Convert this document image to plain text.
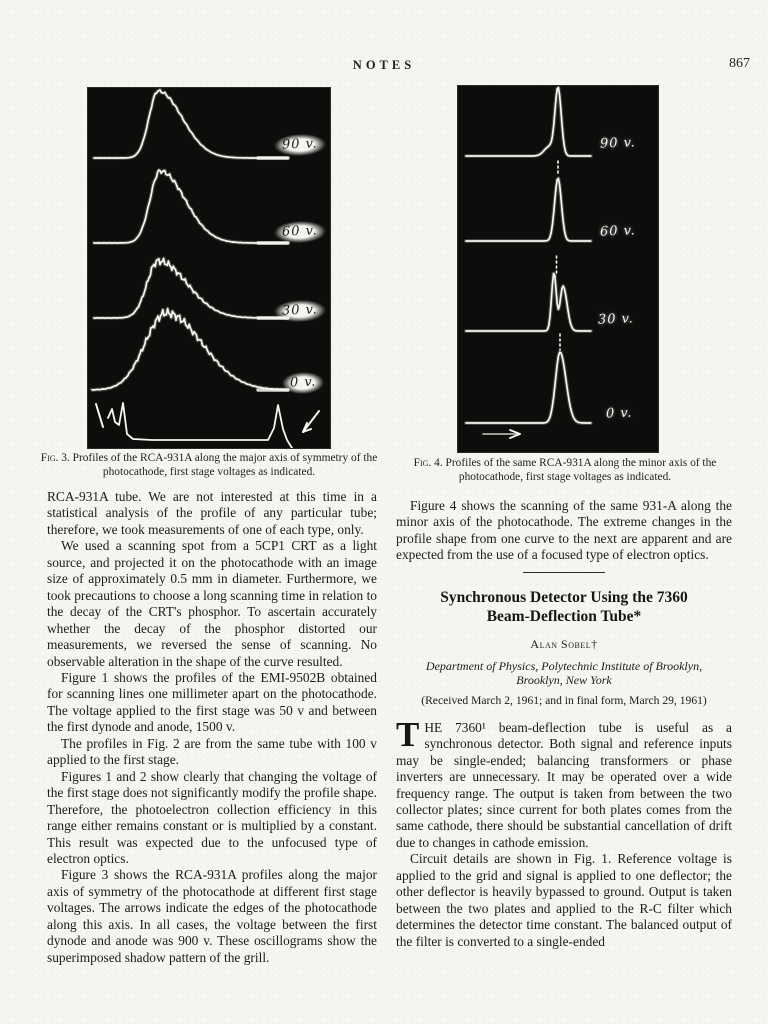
NOTES	867
90 v.
60 v.
30 v.
0 v.
Fig. 3. Profiles of the RCA-931A along the major axis of symmetry of the photocathode, first stage voltages as indicated.
90 v.
60 v.
30 v.
0 v.
Fig. 4. Profiles of the same RCA-931A along the minor axis of the photocathode, first stage voltages as indicated.

RCA-931A tube. We are not interested at this time in a statistical analysis of the profile of any particular tube; therefore, we took measurements of one of each type, only.

We used a scanning spot from a 5CP1 CRT as a light source, and projected it on the photocathode with an image size of approximately 0.5 mm in diameter. Furthermore, we took precautions to choose a long scanning time in relation to the decay of the CRT's phosphor. To ascertain accurately whether the decay of the phosphor distorted our measurements, we reversed the sense of scanning. No observable alteration in the shape of the curve resulted.

Figure 1 shows the profiles of the EMI-9502B obtained for scanning lines one millimeter apart on the photocathode. The voltage applied to the first stage was 50 v and between the first dynode and anode, 1500 v.

The profiles in Fig. 2 are from the same tube with 100 v applied to the first stage.

Figures 1 and 2 show clearly that changing the voltage of the first stage does not significantly modify the profile shape. Therefore, the photoelectron collection efficiency in this range either remains constant or is multiplied by a constant. This result was expected due to the unfocused type of electron optics.

Figure 3 shows the RCA-931A profiles along the major axis of symmetry of the photocathode at different first stage voltages. The arrows indicate the edges of the photocathode along this axis. In all cases, the voltage between the first dynode and anode was 900 v. These oscillograms show the superimposed shadow pattern of the grill.

Figure 4 shows the scanning of the same 931-A along the minor axis of the photocathode. The extreme changes in the profile shape from one curve to the next are apparent and are expected from the use of a focused type of electron optics.

Synchronous Detector Using the 7360
Beam-Deflection Tube*
Alan Sobel†
Department of Physics, Polytechnic Institute of Brooklyn,
Brooklyn, New York
(Received March 2, 1961; and in final form, March 29, 1961)

THE 7360¹ beam-deflection tube is useful as a synchronous detector. Both signal and reference inputs may be single-ended; balancing transformers or phase inverters are unnecessary. It may be operated over a wide frequency range. The output is taken from between the two collector plates; since current for both plates comes from the same cathode, there should be substantial cancellation of drift due to changes in cathode emission.

Circuit details are shown in Fig. 1. Reference voltage is applied to the grid and signal is applied to one deflector; the other deflector is heavily bypassed to ground. Output is taken between the two plates and applied to the R-C filter which determines the detector time constant. The balanced output of the filter is converted to a single-ended
